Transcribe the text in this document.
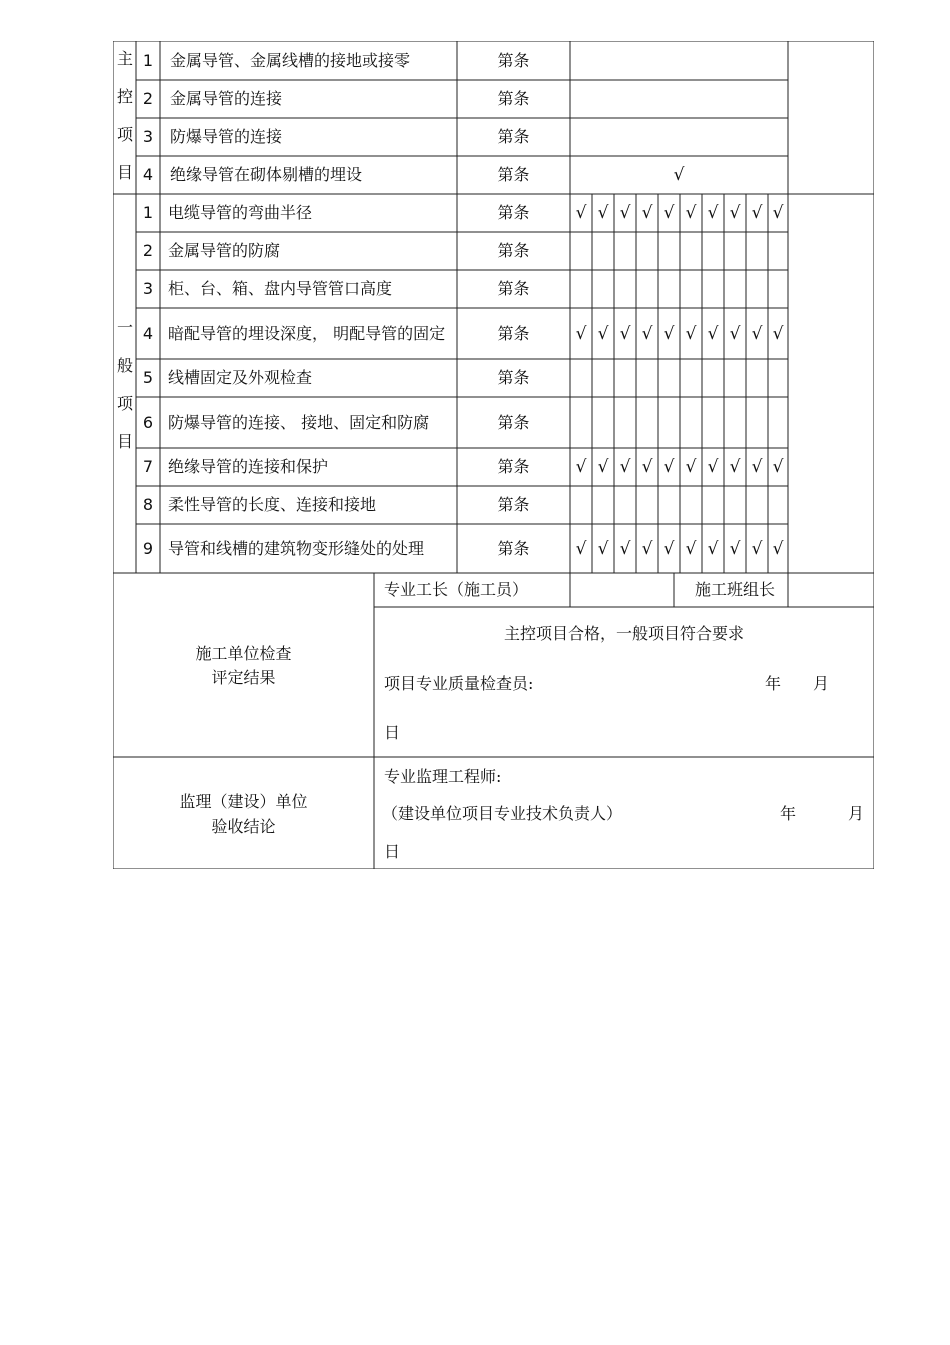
主
控
项
目
1	金属导管、金属线槽的接地或接零	第条
2	金属导管的连接	第条
3	防爆导管的连接	第条
4	绝缘导管在砌体剔槽的埋设	第条	√
一
般
项
目
1 电缆导管的弯曲半径	第条	√ √ √ √ √ √ √ √ √ √
2 金属导管的防腐	第条
3 柜、台、箱、盘内导管管口高度	第条
4 暗配导管的埋设深度， 明配导管的固定	第条	√ √ √ √ √ √ √ √ √ √
5 线槽固定及外观检查	第条
6 防爆导管的连接、 接地、固定和防腐	第条
7 绝缘导管的连接和保护	第条	√ √ √ √ √ √ √ √ √ √
8 柔性导管的长度、连接和接地	第条
9 导管和线槽的建筑物变形缝处的处理	第条	√ √ √ √ √ √ √ √ √ √
专业工长（施工员）	施工班组长
施工单位检查
评定结果
主控项目合格，一般项目符合要求
项目专业质量检查员:	年	月
日
监理（建设）单位
验收结论
专业监理工程师:
（建设单位项目专业技术负责人）	年	月
日
